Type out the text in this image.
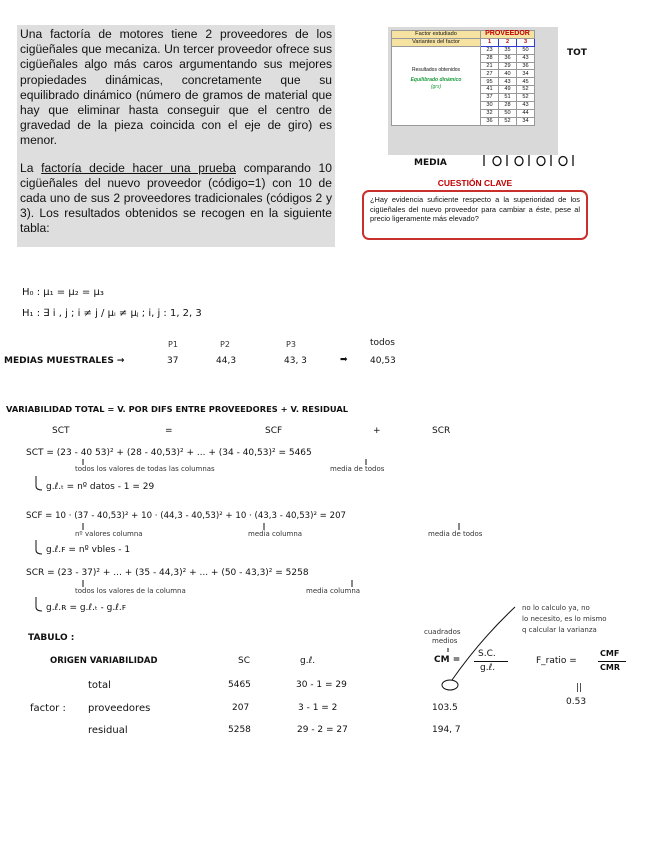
Una factoría de motores tiene 2 proveedores de los cigüeñales que mecaniza. Un tercer proveedor ofrece sus cigüeñales algo más caros argumentando sus mejores propiedades dinámicas, concretamente que su equilibrado dinámico (número de gramos de material que hay que eliminar hasta conseguir que el centro de gravedad de la pieza coincida con el eje de giro) es menor.

La factoría decide hacer una prueba comparando 10 cigüeñales del nuevo proveedor (código=1) con 10 de cada uno de sus 2 proveedores tradicionales (códigos 2 y 3). Los resultados obtenidos se recogen en la siguiente tabla:

Factor estudiado	PROVEEDOR		
Variantes del factor	1	2	3

Resultados obtenidos
Equilibrado dinámico
(grs)	23	35	50
	28	36	43
	21	29	36
	27	40	34
	95	43	45
	41	49	52
	37	51	52
	30	28	43
	32	50	44
	36	52	34
TOT
MEDIA
CUESTIÓN CLAVE
¿Hay evidencia suficiente respecto a la superioridad de los cigüeñales del nuevo proveedor para cambiar a éste, pese al precio ligeramente más elevado?
H₀ : μ₁ = μ₂ = μ₃
H₁ : ∃ i , j ; i ≠ j / μᵢ ≠ μⱼ ; i, j : 1, 2, 3
P1	P2	P3	todos
MEDIAS MUESTRALES →	37	44,3	43, 3	➡ 40,53
VARIABILIDAD TOTAL = V. POR DIFS ENTRE PROVEEDORES + V. RESIDUAL
SCT	=	SCF	+	SCR
SCT = (23 - 40 53)² + (28 - 40,53)² + ... + (34 - 40,53)² = 5465
todos los valores de todas las columnas	media de todos
g.ℓ.ₜ = nº datos - 1 = 29
SCF = 10 · (37 - 40,53)² + 10 · (44,3 - 40,53)² + 10 · (43,3 - 40,53)² = 207
nº valores columna	media columna	media de todos
g.ℓ.ꜰ = nº vbles - 1
SCR = (23 - 37)² + ... + (35 - 44,3)² + ... + (50 - 43,3)² = 5258
todos los valores de la columna	media columna
g.ℓ.ʀ = g.ℓ.ₜ - g.ℓ.ꜰ
TABULO :
ORIGEN VARIABILIDAD	SC	g.ℓ.
total	5465	30 - 1 = 29
factor : proveedores	207	3 - 1 = 2	103.5
residual	5258	29 - 2 = 27	194, 7
cuadrados
medios
CM =
S.C.
g.ℓ.
F_ratio =
CMF
CMR
||
0.53
no lo calculo ya, no
lo necesito, es lo mismo
q calcular la varianza
